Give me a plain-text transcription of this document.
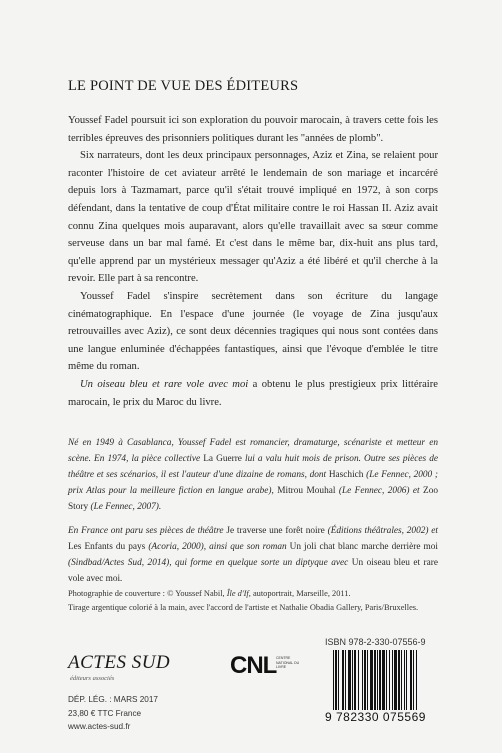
LE POINT DE VUE DES ÉDITEURS

Youssef Fadel poursuit ici son exploration du pouvoir marocain, à travers cette fois les terribles épreuves des prisonniers politiques durant les "années de plomb".

Six narrateurs, dont les deux principaux personnages, Aziz et Zina, se relaient pour raconter l'histoire de cet aviateur arrêté le lendemain de son mariage et incarcéré depuis lors à Tazmamart, parce qu'il s'était trouvé impliqué en 1972, à son corps défendant, dans la tentative de coup d'État militaire contre le roi Hassan II. Aziz avait connu Zina quelques mois auparavant, alors qu'elle travaillait avec sa sœur comme serveuse dans un bar mal famé. Et c'est dans le même bar, dix-huit ans plus tard, qu'elle apprend par un mystérieux messager qu'Aziz a été libéré et qu'il cherche à la revoir. Elle part à sa rencontre.

Youssef Fadel s'inspire secrètement dans son écriture du langage cinématographique. En l'espace d'une journée (le voyage de Zina jusqu'aux retrouvailles avec Aziz), ce sont deux décennies tragiques qui nous sont contées dans une langue enluminée d'échappées fantastiques, ainsi que l'évoque d'emblée le titre même du roman.

Un oiseau bleu et rare vole avec moi a obtenu le plus prestigieux prix littéraire marocain, le prix du Maroc du livre.

Né en 1949 à Casablanca, Youssef Fadel est romancier, dramaturge, scénariste et metteur en scène. En 1974, la pièce collective La Guerre lui a valu huit mois de prison. Outre ses pièces de théâtre et ses scénarios, il est l'auteur d'une dizaine de romans, dont Haschich (Le Fennec, 2000 ; prix Atlas pour la meilleure fiction en langue arabe), Mitrou Mouhal (Le Fennec, 2006) et Zoo Story (Le Fennec, 2007).

En France ont paru ses pièces de théâtre Je traverse une forêt noire (Éditions théâtrales, 2002) et Les Enfants du pays (Acoria, 2000), ainsi que son roman Un joli chat blanc marche derrière moi (Sindbad/Actes Sud, 2014), qui forme en quelque sorte un diptyque avec Un oiseau bleu et rare vole avec moi.

Photographie de couverture : © Youssef Nabil, Île d'If, autoportrait, Marseille, 2011.

Tirage argentique colorié à la main, avec l'accord de l'artiste et Nathalie Obadia Gallery, Paris/Bruxelles.

ISBN 978-2-330-07556-9
ACTES SUD
éditeurs associés	CNL CENTRE NATIONAL DU LIVRE
DÉP. LÉG. : MARS 2017
23,80 € TTC France
www.actes-sud.fr
9 782330 075569
